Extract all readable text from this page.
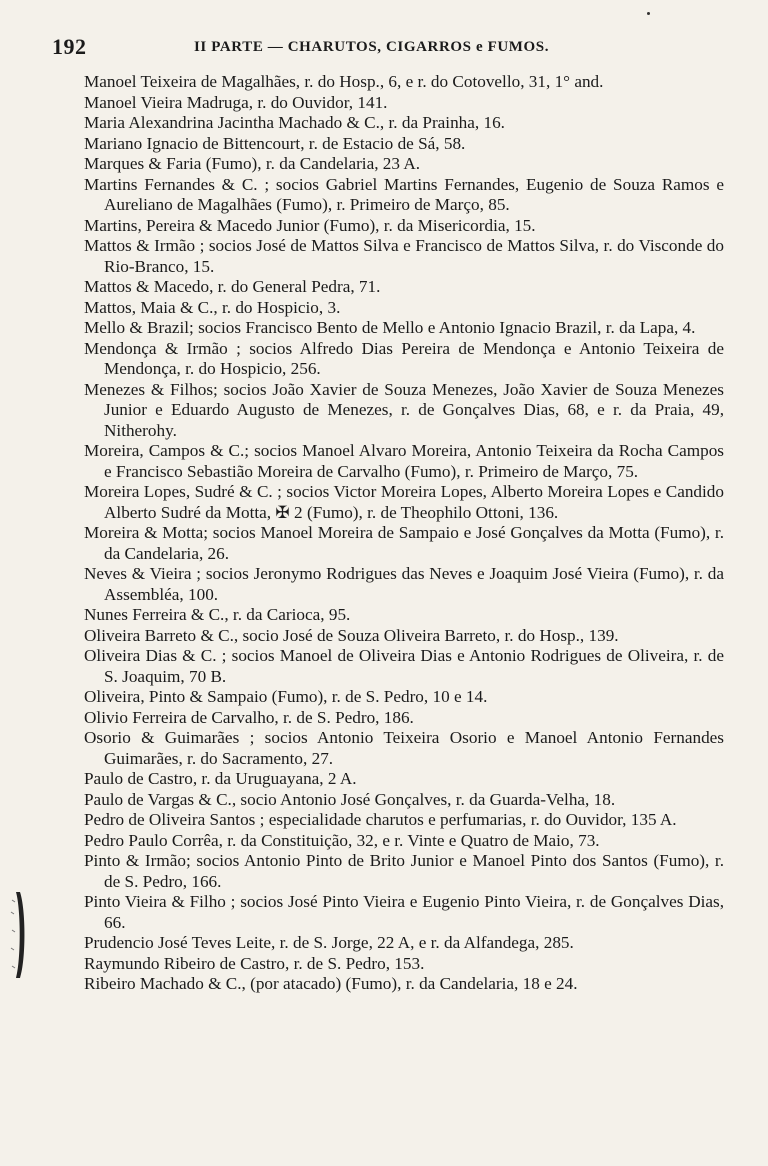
192	II PARTE — CHARUTOS, CIGARROS e FUMOS.

Manoel Teixeira de Magalhães, r. do Hosp., 6, e r. do Cotovello, 31, 1° and.

Manoel Vieira Madruga, r. do Ouvidor, 141.

Maria Alexandrina Jacintha Machado & C., r. da Prainha, 16.

Mariano Ignacio de Bittencourt, r. de Estacio de Sá, 58.

Marques & Faria (Fumo), r. da Candelaria, 23 A.

Martins Fernandes & C. ; socios Gabriel Martins Fernandes, Eugenio de Souza Ramos e Aureliano de Magalhães (Fumo), r. Primeiro de Março, 85.

Martins, Pereira & Macedo Junior (Fumo), r. da Misericordia, 15.

Mattos & Irmão ; socios José de Mattos Silva e Francisco de Mattos Silva, r. do Visconde do Rio-Branco, 15.

Mattos & Macedo, r. do General Pedra, 71.

Mattos, Maia & C., r. do Hospicio, 3.

Mello & Brazil; socios Francisco Bento de Mello e Antonio Ignacio Brazil, r. da Lapa, 4.

Mendonça & Irmão ; socios Alfredo Dias Pereira de Mendonça e Antonio Teixeira de Mendonça, r. do Hospicio, 256.

Menezes & Filhos; socios João Xavier de Souza Menezes, João Xavier de Souza Menezes Junior e Eduardo Augusto de Menezes, r. de Gonçalves Dias, 68, e r. da Praia, 49, Nitherohy.

Moreira, Campos & C.; socios Manoel Alvaro Moreira, Antonio Teixeira da Rocha Campos e Francisco Sebastião Moreira de Carvalho (Fumo), r. Primeiro de Março, 75.

Moreira Lopes, Sudré & C. ; socios Victor Moreira Lopes, Alberto Moreira Lopes e Candido Alberto Sudré da Motta, ✠ 2 (Fumo), r. de Theophilo Ottoni, 136.

Moreira & Motta; socios Manoel Moreira de Sampaio e José Gonçalves da Motta (Fumo), r. da Candelaria, 26.

Neves & Vieira ; socios Jeronymo Rodrigues das Neves e Joaquim José Vieira (Fumo), r. da Assembléa, 100.

Nunes Ferreira & C., r. da Carioca, 95.

Oliveira Barreto & C., socio José de Souza Oliveira Barreto, r. do Hosp., 139.

Oliveira Dias & C. ; socios Manoel de Oliveira Dias e Antonio Rodrigues de Oliveira, r. de S. Joaquim, 70 B.

Oliveira, Pinto & Sampaio (Fumo), r. de S. Pedro, 10 e 14.

Olivio Ferreira de Carvalho, r. de S. Pedro, 186.

Osorio & Guimarães ; socios Antonio Teixeira Osorio e Manoel Antonio Fernandes Guimarães, r. do Sacramento, 27.

Paulo de Castro, r. da Uruguayana, 2 A.

Paulo de Vargas & C., socio Antonio José Gonçalves, r. da Guarda-Velha, 18.

Pedro de Oliveira Santos ; especialidade charutos e perfumarias, r. do Ouvidor, 135 A.

Pedro Paulo Corrêa, r. da Constituição, 32, e r. Vinte e Quatro de Maio, 73.

Pinto & Irmão; socios Antonio Pinto de Brito Junior e Manoel Pinto dos Santos (Fumo), r. de S. Pedro, 166.

Pinto Vieira & Filho ; socios José Pinto Vieira e Eugenio Pinto Vieira, r. de Gonçalves Dias, 66.

Prudencio José Teves Leite, r. de S. Jorge, 22 A, e r. da Alfandega, 285.

Raymundo Ribeiro de Castro, r. de S. Pedro, 153.

Ribeiro Machado & C., (por atacado) (Fumo), r. da Candelaria, 18 e 24.
